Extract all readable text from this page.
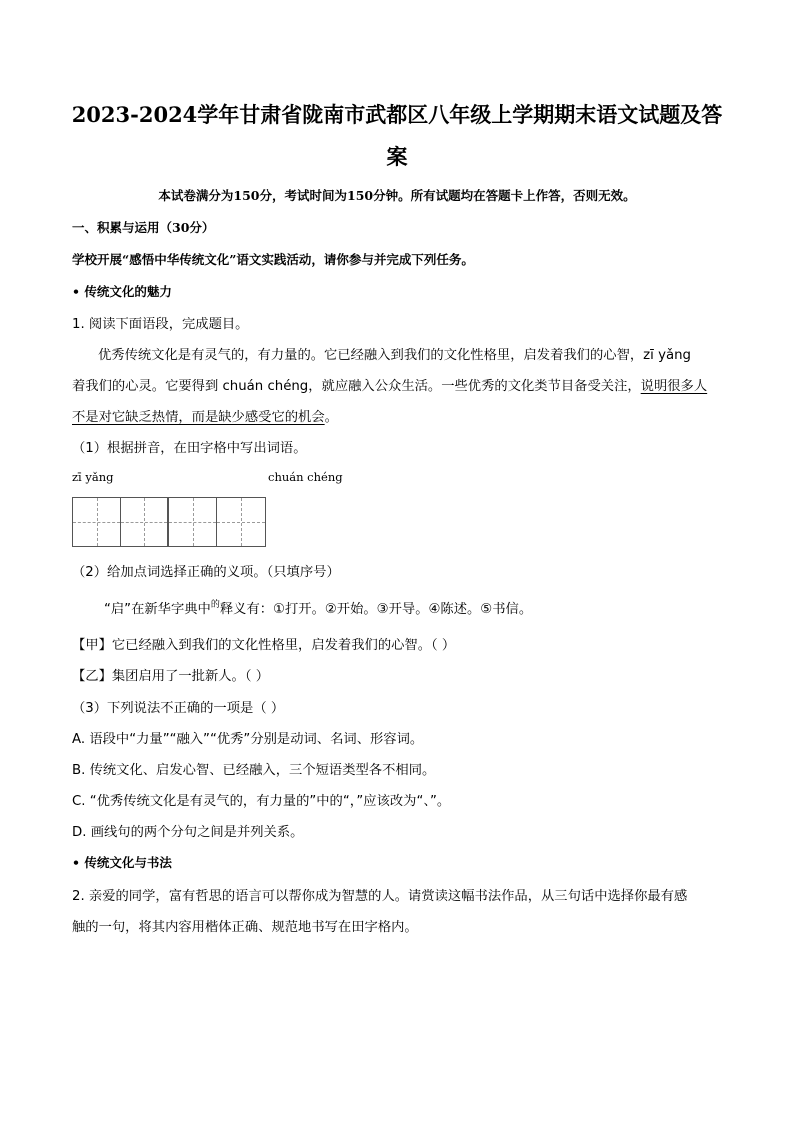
2023-2024学年甘肃省陇南市武都区八年级上学期期末语文试题及答
案
本试卷满分为150分，考试时间为150分钟。所有试题均在答题卡上作答，否则无效。
一、积累与运用（30分）
学校开展“感悟中华传统文化”语文实践活动，请你参与并完成下列任务。
• 传统文化的魅力
1. 阅读下面语段，完成题目。
优秀传统文化是有灵气的，有力量的。它已经融入到我们的文化性格里，启发着我们的心智，zī yǎng
着我们的心灵。它要得到 chuán chéng，就应融入公众生活。一些优秀的文化类节目备受关注，说明很多人
不是对它缺乏热情，而是缺少感受它的机会。
（1）根据拼音，在田字格中写出词语。
zī yǎng	chuán chéng
（2）给加点词选择正确的义项。（只填序号）
“启”在新华字典中$^的$释义有：①打开。②开始。③开导。④陈述。⑤书信。
【甲】它已经融入到我们的文化性格里，启发着我们的心智。（ ）
【乙】集团启用了一批新人。（ ）
（3）下列说法不正确的一项是（ ）
A. 语段中“力量”“融入”“优秀”分别是动词、名词、形容词。
B. 传统文化、启发心智、已经融入，三个短语类型各不相同。
C. “优秀传统文化是有灵气的，有力量的”中的“，”应该改为“、”。
D. 画线句的两个分句之间是并列关系。
• 传统文化与书法
2. 亲爱的同学，富有哲思的语言可以帮你成为智慧的人。请赏读这幅书法作品，从三句话中选择你最有感
触的一句，将其内容用楷体正确、规范地书写在田字格内。
